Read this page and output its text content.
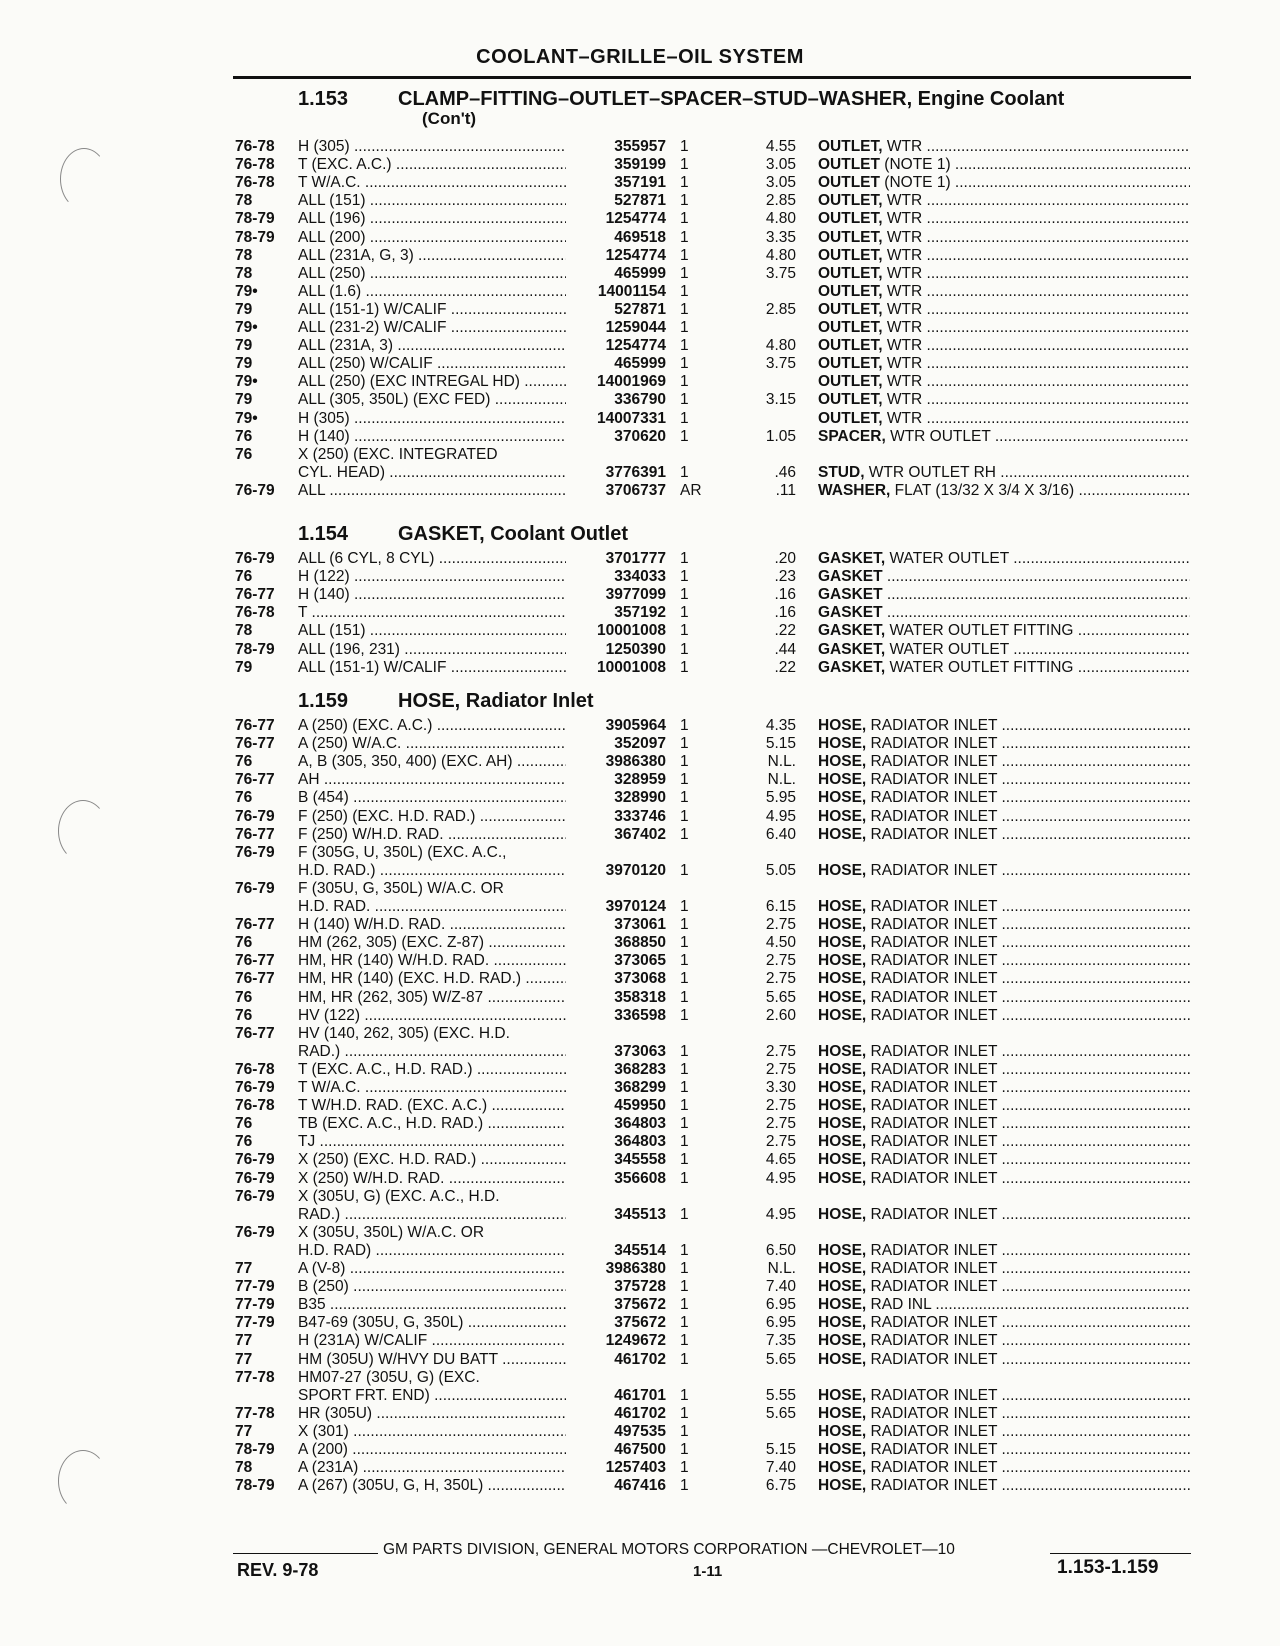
COOLANT–GRILLE–OIL SYSTEM
1.153 CLAMP–FITTING–OUTLET–SPACER–STUD–WASHER, Engine Coolant
(Con't)
76-78 H (305) .....	355957 1	4.55 OUTLET, WTR .....
76-78 T (EXC. A.C.) .....	359199 1	3.05 OUTLET (NOTE 1) .....
76-78 T W/A.C. .....	357191 1	3.05 OUTLET (NOTE 1) .....
78	ALL (151) .....	527871 1	2.85 OUTLET, WTR .....
78-79 ALL (196) .....	1254774 1	4.80 OUTLET, WTR .....
78-79 ALL (200) .....	469518 1	3.35 OUTLET, WTR .....
78	ALL (231A, G, 3) .....	1254774 1	4.80 OUTLET, WTR .....
78	ALL (250) .....	465999 1	3.75 OUTLET, WTR .....
79•	ALL (1.6) .....	14001154 1	OUTLET, WTR .....
79	ALL (151-1) W/CALIF .....	527871 1	2.85 OUTLET, WTR .....
79•	ALL (231-2) W/CALIF .....	1259044 1	OUTLET, WTR .....
79	ALL (231A, 3) .....	1254774 1	4.80 OUTLET, WTR .....
79	ALL (250) W/CALIF .....	465999 1	3.75 OUTLET, WTR .....
79•	ALL (250) (EXC INTREGAL HD) .....	14001969 1	OUTLET, WTR .....
79	ALL (305, 350L) (EXC FED) .....	336790 1	3.15 OUTLET, WTR .....
79•	H (305) .....	14007331 1	OUTLET, WTR .....
76	H (140) .....	370620 1	1.05 SPACER, WTR OUTLET .....
76	X (250) (EXC. INTEGRATED
CYL. HEAD) .....	3776391 1	.46 STUD, WTR OUTLET RH .....
76-79 ALL .....	3706737 AR	.11 WASHER, FLAT (13/32 X 3/4 X 3/16) .....
1.154 GASKET, Coolant Outlet
76-79 ALL (6 CYL, 8 CYL) .....	3701777 1	.20 GASKET, WATER OUTLET .....
76	H (122) .....	334033 1	.23 GASKET .....
76-77 H (140) .....	3977099 1	.16 GASKET .....
76-78 T .....	357192 1	.16 GASKET .....
78	ALL (151) .....	10001008 1	.22 GASKET, WATER OUTLET FITTING .....
78-79 ALL (196, 231) .....	1250390 1	.44 GASKET, WATER OUTLET .....
79	ALL (151-1) W/CALIF .....	10001008 1	.22 GASKET, WATER OUTLET FITTING .....
1.159 HOSE, Radiator Inlet
76-77 A (250) (EXC. A.C.) .....	3905964 1	4.35 HOSE, RADIATOR INLET .....
76-77 A (250) W/A.C. .....	352097 1	5.15 HOSE, RADIATOR INLET .....
76	A, B (305, 350, 400) (EXC. AH) .....	3986380 1	N.L. HOSE, RADIATOR INLET .....
76-77 AH .....	328959 1	N.L. HOSE, RADIATOR INLET .....
76	B (454) .....	328990 1	5.95 HOSE, RADIATOR INLET .....
76-79 F (250) (EXC. H.D. RAD.) .....	333746 1	4.95 HOSE, RADIATOR INLET .....
76-77 F (250) W/H.D. RAD. .....	367402 1	6.40 HOSE, RADIATOR INLET .....
76-79 F (305G, U, 350L) (EXC. A.C.,
H.D. RAD.) .....	3970120 1	5.05 HOSE, RADIATOR INLET .....
76-79 F (305U, G, 350L) W/A.C. OR
H.D. RAD. .....	3970124 1	6.15 HOSE, RADIATOR INLET .....
76-77 H (140) W/H.D. RAD. .....	373061 1	2.75 HOSE, RADIATOR INLET .....
76	HM (262, 305) (EXC. Z-87) .....	368850 1	4.50 HOSE, RADIATOR INLET .....
76-77 HM, HR (140) W/H.D. RAD. .....	373065 1	2.75 HOSE, RADIATOR INLET .....
76-77 HM, HR (140) (EXC. H.D. RAD.) .....	373068 1	2.75 HOSE, RADIATOR INLET .....
76	HM, HR (262, 305) W/Z-87 .....	358318 1	5.65 HOSE, RADIATOR INLET .....
76	HV (122) .....	336598 1	2.60 HOSE, RADIATOR INLET .....
76-77 HV (140, 262, 305) (EXC. H.D.
RAD.) .....	373063 1	2.75 HOSE, RADIATOR INLET .....
76-78 T (EXC. A.C., H.D. RAD.) .....	368283 1	2.75 HOSE, RADIATOR INLET .....
76-79 T W/A.C. .....	368299 1	3.30 HOSE, RADIATOR INLET .....
76-78 T W/H.D. RAD. (EXC. A.C.) .....	459950 1	2.75 HOSE, RADIATOR INLET .....
76	TB (EXC. A.C., H.D. RAD.) .....	364803 1	2.75 HOSE, RADIATOR INLET .....
76	TJ .....	364803 1	2.75 HOSE, RADIATOR INLET .....
76-79 X (250) (EXC. H.D. RAD.) .....	345558 1	4.65 HOSE, RADIATOR INLET .....
76-79 X (250) W/H.D. RAD. .....	356608 1	4.95 HOSE, RADIATOR INLET .....
76-79 X (305U, G) (EXC. A.C., H.D.
RAD.) .....	345513 1	4.95 HOSE, RADIATOR INLET .....
76-79 X (305U, 350L) W/A.C. OR
H.D. RAD) .....	345514 1	6.50 HOSE, RADIATOR INLET .....
77	A (V-8) .....	3986380 1	N.L. HOSE, RADIATOR INLET .....
77-79 B (250) .....	375728 1	7.40 HOSE, RADIATOR INLET .....
77-79 B35 .....	375672 1	6.95 HOSE, RAD INL .....
77-79 B47-69 (305U, G, 350L) .....	375672 1	6.95 HOSE, RADIATOR INLET .....
77	H (231A) W/CALIF .....	1249672 1	7.35 HOSE, RADIATOR INLET .....
77	HM (305U) W/HVY DU BATT .....	461702 1	5.65 HOSE, RADIATOR INLET .....
77-78 HM07-27 (305U, G) (EXC.
SPORT FRT. END) .....	461701 1	5.55 HOSE, RADIATOR INLET .....
77-78 HR (305U) .....	461702 1	5.65 HOSE, RADIATOR INLET .....
77	X (301) .....	497535 1	HOSE, RADIATOR INLET .....
78-79 A (200) .....	467500 1	5.15 HOSE, RADIATOR INLET .....
78	A (231A) .....	1257403 1	7.40 HOSE, RADIATOR INLET .....
78-79 A (267) (305U, G, H, 350L) .....	467416 1	6.75 HOSE, RADIATOR INLET .....
GM PARTS DIVISION, GENERAL MOTORS CORPORATION —CHEVROLET—10
REV. 9-78	1-11	1.153-1.159
